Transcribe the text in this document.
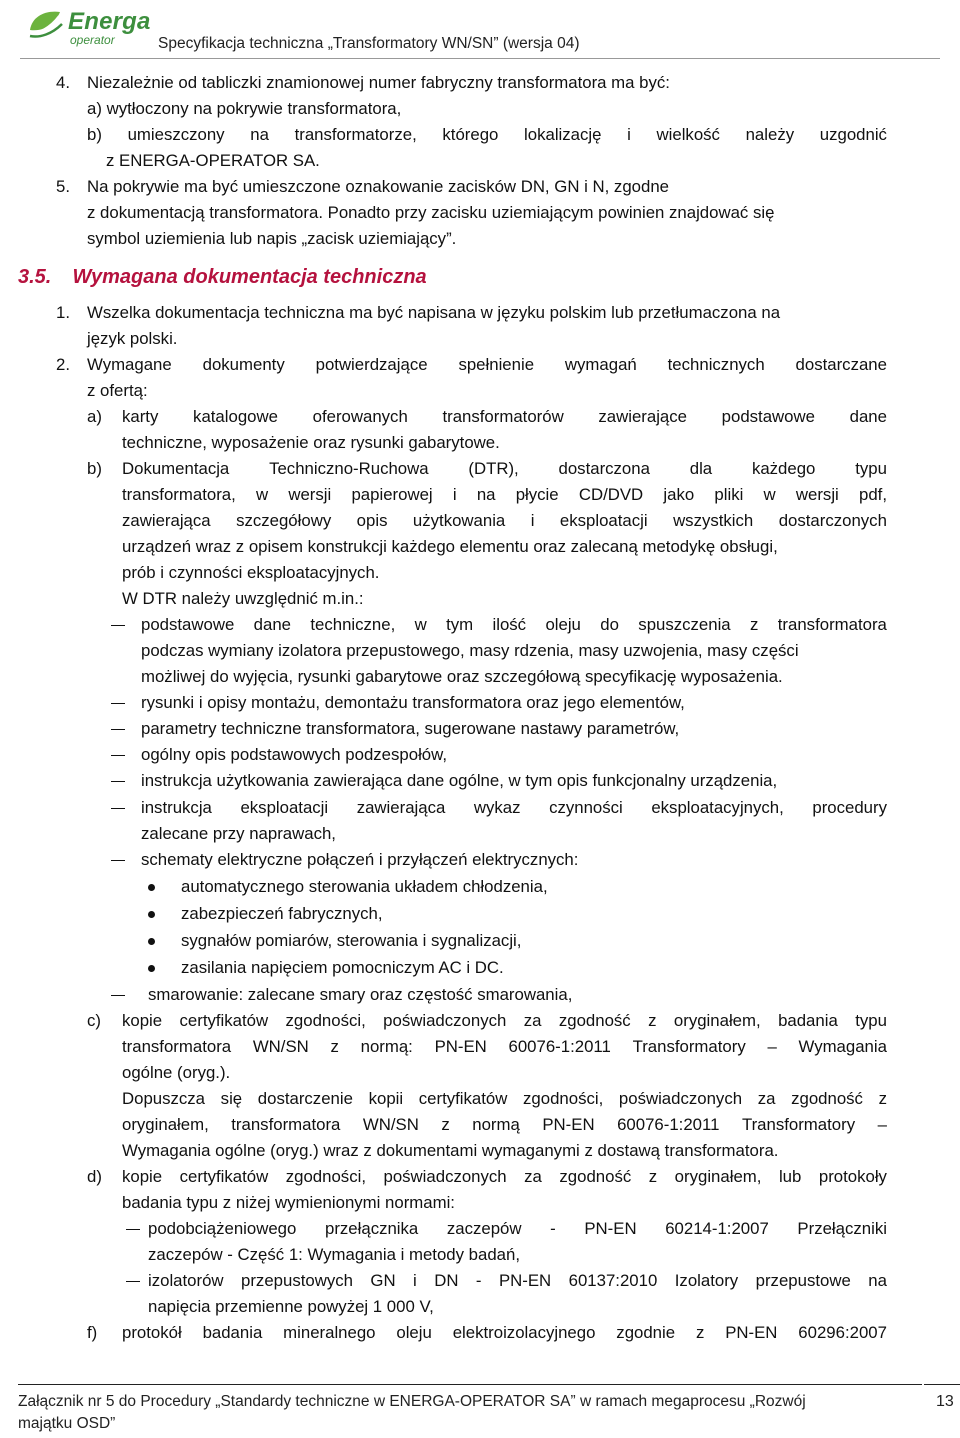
Energa
operator	Specyfikacja techniczna „Transformatory WN/SN” (wersja 04)
4. Niezależnie od tabliczki znamionowej numer fabryczny transformatora ma być:
a) wytłoczony na pokrywie transformatora,
b) umieszczony na transformatorze, którego lokalizację i wielkość należy uzgodnić
z ENERGA-OPERATOR SA.
5. Na pokrywie ma być umieszczone oznakowanie zacisków DN, GN i N, zgodne
z dokumentacją transformatora. Ponadto przy zacisku uziemiającym powinien znajdować się
symbol uziemienia lub napis „zacisk uziemiający”.
3.5. Wymagana dokumentacja techniczna
1. Wszelka dokumentacja techniczna ma być napisana w języku polskim lub przetłumaczona na
język polski.
2. Wymagane dokumenty potwierdzające spełnienie wymagań technicznych dostarczane
z ofertą:
a) karty katalogowe oferowanych transformatorów zawierające podstawowe dane
techniczne, wyposażenie oraz rysunki gabarytowe.
b) Dokumentacja Techniczno-Ruchowa (DTR), dostarczona dla każdego typu
transformatora, w wersji papierowej i na płycie CD/DVD jako pliki w wersji pdf,
zawierająca szczegółowy opis użytkowania i eksploatacji wszystkich dostarczonych
urządzeń wraz z opisem konstrukcji każdego elementu oraz zalecaną metodykę obsługi,
prób i czynności eksploatacyjnych.
W DTR należy uwzględnić m.in.:
podstawowe dane techniczne, w tym ilość oleju do spuszczenia z transformatora
podczas wymiany izolatora przepustowego, masy rdzenia, masy uzwojenia, masy części
możliwej do wyjęcia, rysunki gabarytowe oraz szczegółową specyfikację wyposażenia.
rysunki i opisy montażu, demontażu transformatora oraz jego elementów,
parametry techniczne transformatora, sugerowane nastawy parametrów,
ogólny opis podstawowych podzespołów,
instrukcja użytkowania zawierająca dane ogólne, w tym opis funkcjonalny urządzenia,
instrukcja eksploatacji zawierająca wykaz czynności eksploatacyjnych, procedury
zalecane przy naprawach,
schematy elektryczne połączeń i przyłączeń elektrycznych:
automatycznego sterowania układem chłodzenia,
zabezpieczeń fabrycznych,
sygnałów pomiarów, sterowania i sygnalizacji,
zasilania napięciem pomocniczym AC i DC.
smarowanie: zalecane smary oraz częstość smarowania,
c) kopie certyfikatów zgodności, poświadczonych za zgodność z oryginałem, badania typu
transformatora WN/SN z normą: PN-EN 60076-1:2011 Transformatory – Wymagania
ogólne (oryg.).
Dopuszcza się dostarczenie kopii certyfikatów zgodności, poświadczonych za zgodność z
oryginałem, transformatora WN/SN z normą PN-EN 60076-1:2011 Transformatory –
Wymagania ogólne (oryg.) wraz z dokumentami wymaganymi z dostawą transformatora.
d) kopie certyfikatów zgodności, poświadczonych za zgodność z oryginałem, lub protokoły
badania typu z niżej wymienionymi normami:
podobciążeniowego przełącznika zaczepów - PN-EN 60214-1:2007 Przełączniki
zaczepów - Część 1: Wymagania i metody badań,
izolatorów przepustowych GN i DN - PN-EN 60137:2010 Izolatory przepustowe na
napięcia przemienne powyżej 1 000 V,
f) protokół badania mineralnego oleju elektroizolacyjnego zgodnie z PN-EN 60296:2007
Załącznik nr 5 do Procedury „Standardy techniczne w ENERGA-OPERATOR SA” w ramach megaprocesu „Rozwój
majątku OSD”
13
